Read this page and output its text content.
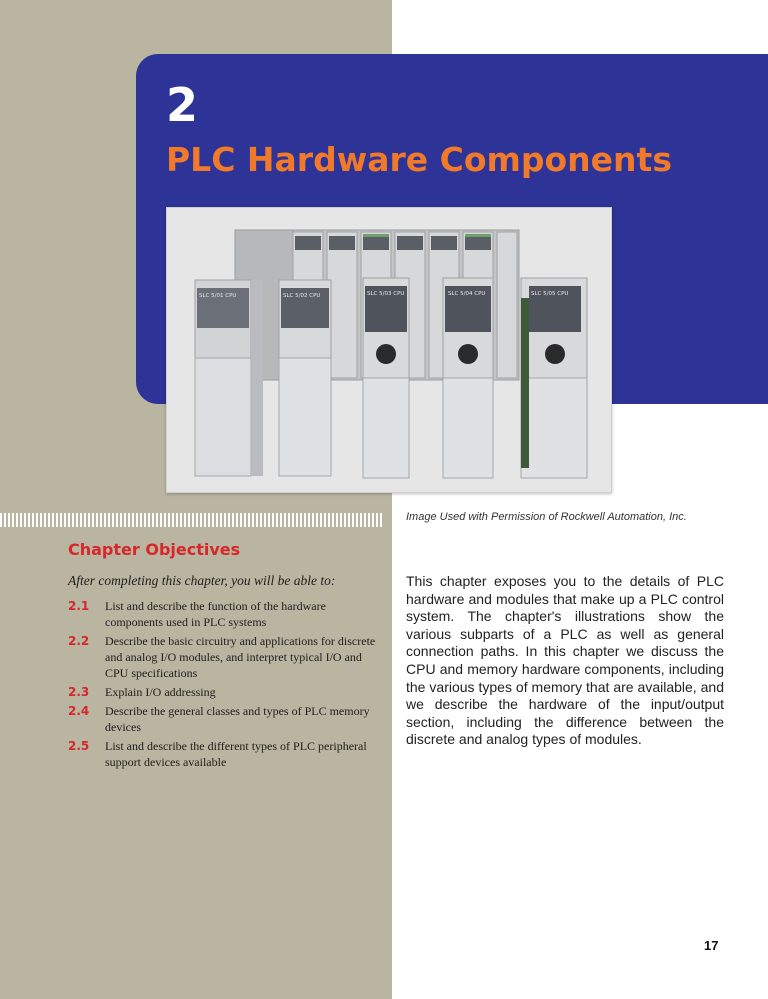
2
PLC Hardware Components
SLC 5/01 CPU	SLC 5/02 CPU	SLC 5/03 CPU	SLC 5/04 CPU	SLC 5/05 CPU
Image Used with Permission of Rockwell Automation, Inc.
Chapter Objectives
After completing this chapter, you will be able to:
2.1	List and describe the function of the hardware components used in PLC systems
2.2	Describe the basic circuitry and applications for discrete and analog I/O modules, and interpret typical I/O and CPU specifications
2.3	Explain I/O addressing
2.4	Describe the general classes and types of PLC memory devices
2.5	List and describe the different types of PLC peripheral support devices available

This chapter exposes you to the details of PLC hardware and modules that make up a PLC control system. The chapter's illustrations show the various subparts of a PLC as well as general connection paths. In this chapter we discuss the CPU and memory hardware components, including the various types of memory that are available, and we describe the hardware of the input/output section, including the difference between the discrete and analog types of modules.

17
